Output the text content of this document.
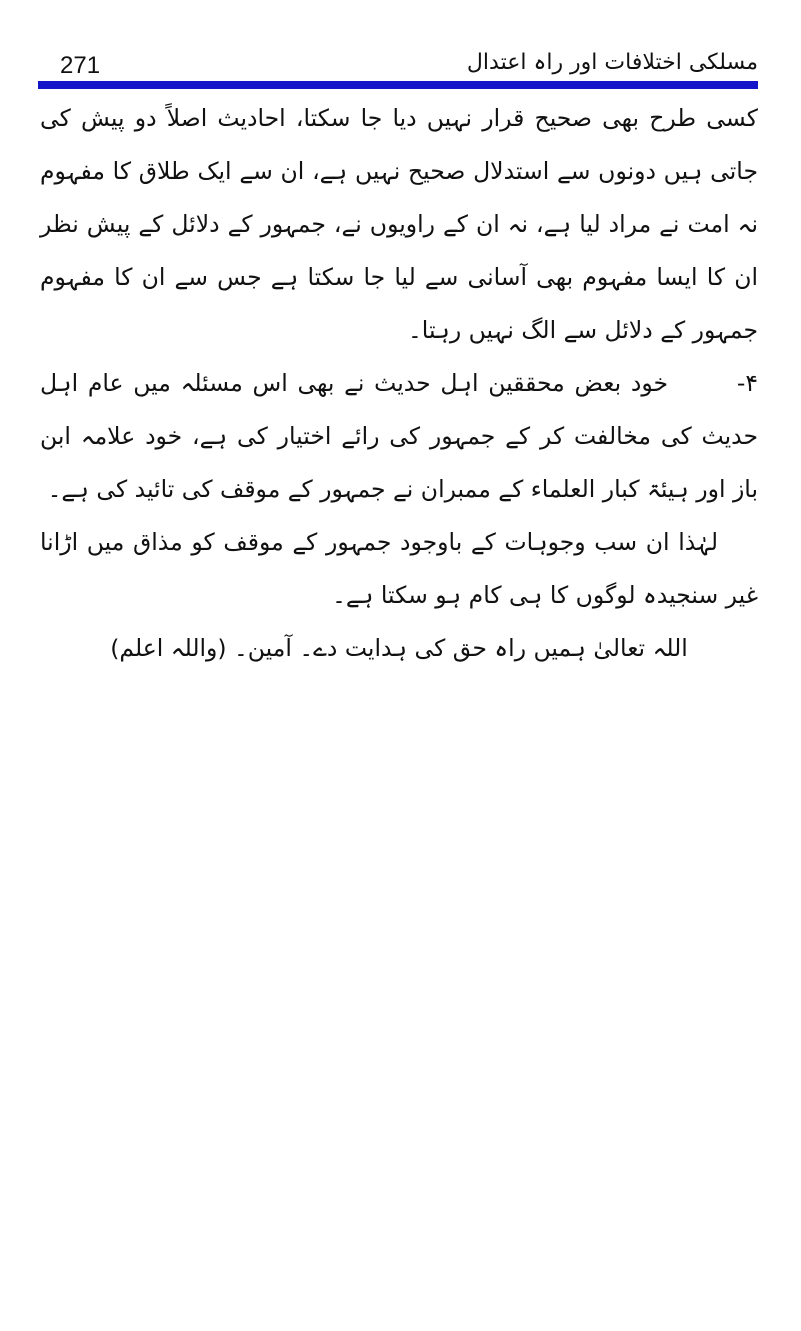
271	مسلکی اختلافات اور راہ اعتدال

کسی طرح بھی صحیح قرار نہیں دیا جا سکتا، احادیث اصلاً دو پیش کی جاتی ہیں دونوں سے استدلال صحیح نہیں ہے، ان سے ایک طلاق کا مفہوم نہ امت نے مراد لیا ہے، نہ ان کے راویوں نے، جمہور کے دلائل کے پیش نظر ان کا ایسا مفہوم بھی آسانی سے لیا جا سکتا ہے جس سے ان کا مفہوم جمہور کے دلائل سے الگ نہیں رہتا۔

۴-خود بعض محققین اہل حدیث نے بھی اس مسئلہ میں عام اہل حدیث کی مخالفت کر کے جمہور کی رائے اختیار کی ہے، خود علامہ ابن باز اور ہیئۃ کبار العلماء کے ممبران نے جمہور کے موقف کی تائید کی ہے۔

لہٰذا ان سب وجوہات کے باوجود جمہور کے موقف کو مذاق میں اڑانا غیر سنجیدہ لوگوں کا ہی کام ہو سکتا ہے۔

اللہ تعالیٰ ہمیں راہ حق کی ہدایت دے۔ آمین۔ (واللہ اعلم)
